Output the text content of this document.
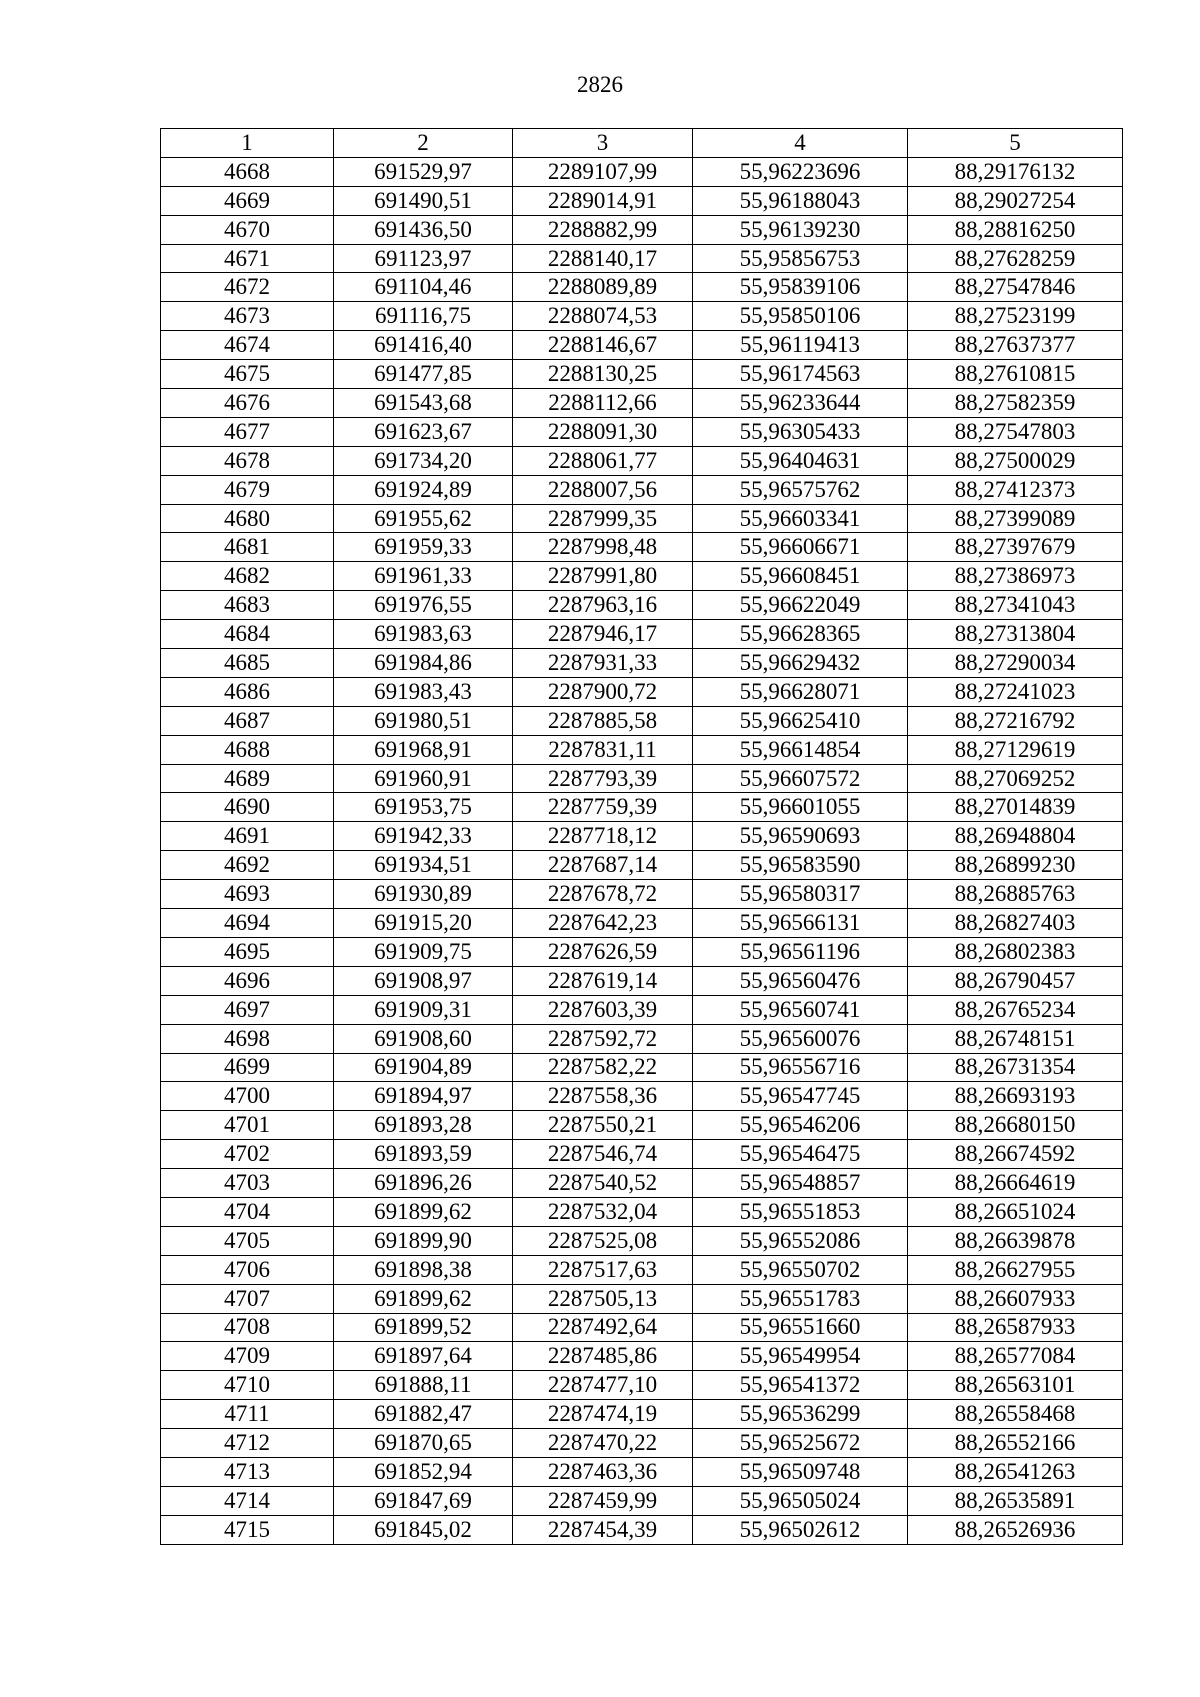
2826
1	2	3	4	5
4668	691529,97	2289107,99	55,96223696	88,29176132
4669	691490,51	2289014,91	55,96188043	88,29027254
4670	691436,50	2288882,99	55,96139230	88,28816250
4671	691123,97	2288140,17	55,95856753	88,27628259
4672	691104,46	2288089,89	55,95839106	88,27547846
4673	691116,75	2288074,53	55,95850106	88,27523199
4674	691416,40	2288146,67	55,96119413	88,27637377
4675	691477,85	2288130,25	55,96174563	88,27610815
4676	691543,68	2288112,66	55,96233644	88,27582359
4677	691623,67	2288091,30	55,96305433	88,27547803
4678	691734,20	2288061,77	55,96404631	88,27500029
4679	691924,89	2288007,56	55,96575762	88,27412373
4680	691955,62	2287999,35	55,96603341	88,27399089
4681	691959,33	2287998,48	55,96606671	88,27397679
4682	691961,33	2287991,80	55,96608451	88,27386973
4683	691976,55	2287963,16	55,96622049	88,27341043
4684	691983,63	2287946,17	55,96628365	88,27313804
4685	691984,86	2287931,33	55,96629432	88,27290034
4686	691983,43	2287900,72	55,96628071	88,27241023
4687	691980,51	2287885,58	55,96625410	88,27216792
4688	691968,91	2287831,11	55,96614854	88,27129619
4689	691960,91	2287793,39	55,96607572	88,27069252
4690	691953,75	2287759,39	55,96601055	88,27014839
4691	691942,33	2287718,12	55,96590693	88,26948804
4692	691934,51	2287687,14	55,96583590	88,26899230
4693	691930,89	2287678,72	55,96580317	88,26885763
4694	691915,20	2287642,23	55,96566131	88,26827403
4695	691909,75	2287626,59	55,96561196	88,26802383
4696	691908,97	2287619,14	55,96560476	88,26790457
4697	691909,31	2287603,39	55,96560741	88,26765234
4698	691908,60	2287592,72	55,96560076	88,26748151
4699	691904,89	2287582,22	55,96556716	88,26731354
4700	691894,97	2287558,36	55,96547745	88,26693193
4701	691893,28	2287550,21	55,96546206	88,26680150
4702	691893,59	2287546,74	55,96546475	88,26674592
4703	691896,26	2287540,52	55,96548857	88,26664619
4704	691899,62	2287532,04	55,96551853	88,26651024
4705	691899,90	2287525,08	55,96552086	88,26639878
4706	691898,38	2287517,63	55,96550702	88,26627955
4707	691899,62	2287505,13	55,96551783	88,26607933
4708	691899,52	2287492,64	55,96551660	88,26587933
4709	691897,64	2287485,86	55,96549954	88,26577084
4710	691888,11	2287477,10	55,96541372	88,26563101
4711	691882,47	2287474,19	55,96536299	88,26558468
4712	691870,65	2287470,22	55,96525672	88,26552166
4713	691852,94	2287463,36	55,96509748	88,26541263
4714	691847,69	2287459,99	55,96505024	88,26535891
4715	691845,02	2287454,39	55,96502612	88,26526936
